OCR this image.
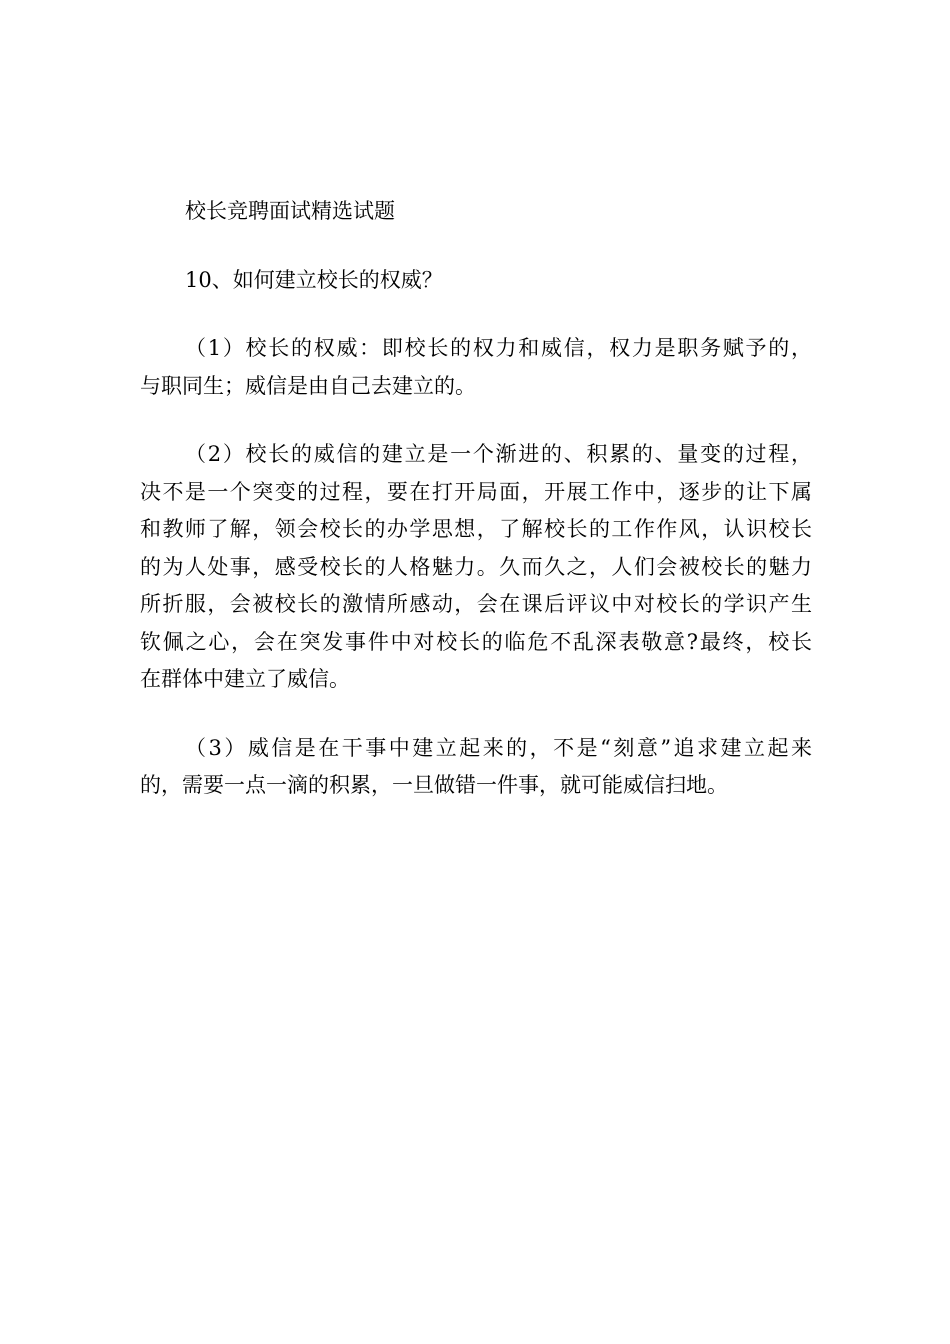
校长竞聘面试精选试题
10、如何建立校长的权威？
（1）校长的权威：即校长的权力和威信，权力是职务赋予的，
与职同生；威信是由自己去建立的。
（2）校长的威信的建立是一个渐进的、积累的、量变的过程，
决不是一个突变的过程，要在打开局面，开展工作中，逐步的让下属
和教师了解，领会校长的办学思想，了解校长的工作作风，认识校长
的为人处事，感受校长的人格魅力。久而久之，人们会被校长的魅力
所折服，会被校长的激情所感动，会在课后评议中对校长的学识产生
钦佩之心，会在突发事件中对校长的临危不乱深表敬意?最终，校长
在群体中建立了威信。
（3）威信是在干事中建立起来的，不是“刻意”追求建立起来
的，需要一点一滴的积累，一旦做错一件事，就可能威信扫地。
